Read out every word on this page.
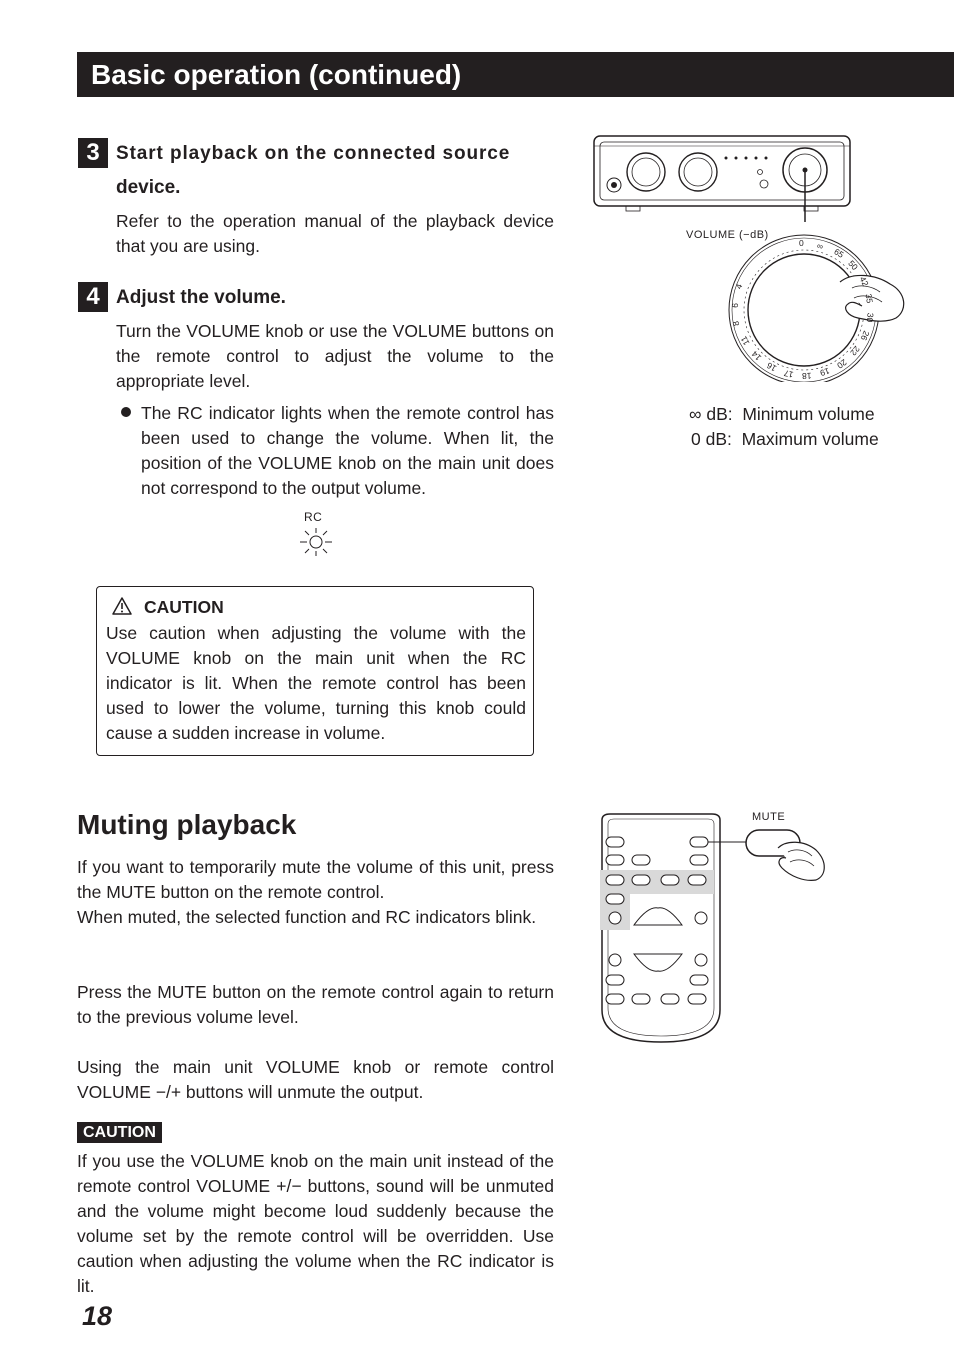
Basic operation (continued)
3 Start playback on the connected source
device.
Refer to the operation manual of the playback device that you are using.
4 Adjust the volume.
Turn the VOLUME knob or use the VOLUME buttons on the remote control to adjust the volume to the appropriate level.
The RC indicator lights when the remote control has been used to change the volume. When lit, the position of the VOLUME knob on the main unit does not correspond to the output volume.
RC
VOLUME (−dB)
0 ∞
65
50
42
35
30
26
22
20
19
18
17
16
14
11
8
6
4
∞ dB: Minimum volume
0 dB: Maximum volume
CAUTION
Use caution when adjusting the volume with the VOLUME knob on the main unit when the RC indicator is lit. When the remote control has been used to lower the volume, turning this knob could cause a sudden increase in volume.
Muting playback
If you want to temporarily mute the volume of this unit, press the MUTE button on the remote control.
When muted, the selected function and RC indicators blink.
Press the MUTE button on the remote control again to return to the previous volume level.
Using the main unit VOLUME knob or remote control VOLUME −/+ buttons will unmute the output.
CAUTION
If you use the VOLUME knob on the main unit instead of the remote control VOLUME +/− buttons, sound will be unmuted and the volume might become loud suddenly because the volume set by the remote control will be overridden. Use caution when adjusting the volume when the RC indicator is lit.
MUTE
18
